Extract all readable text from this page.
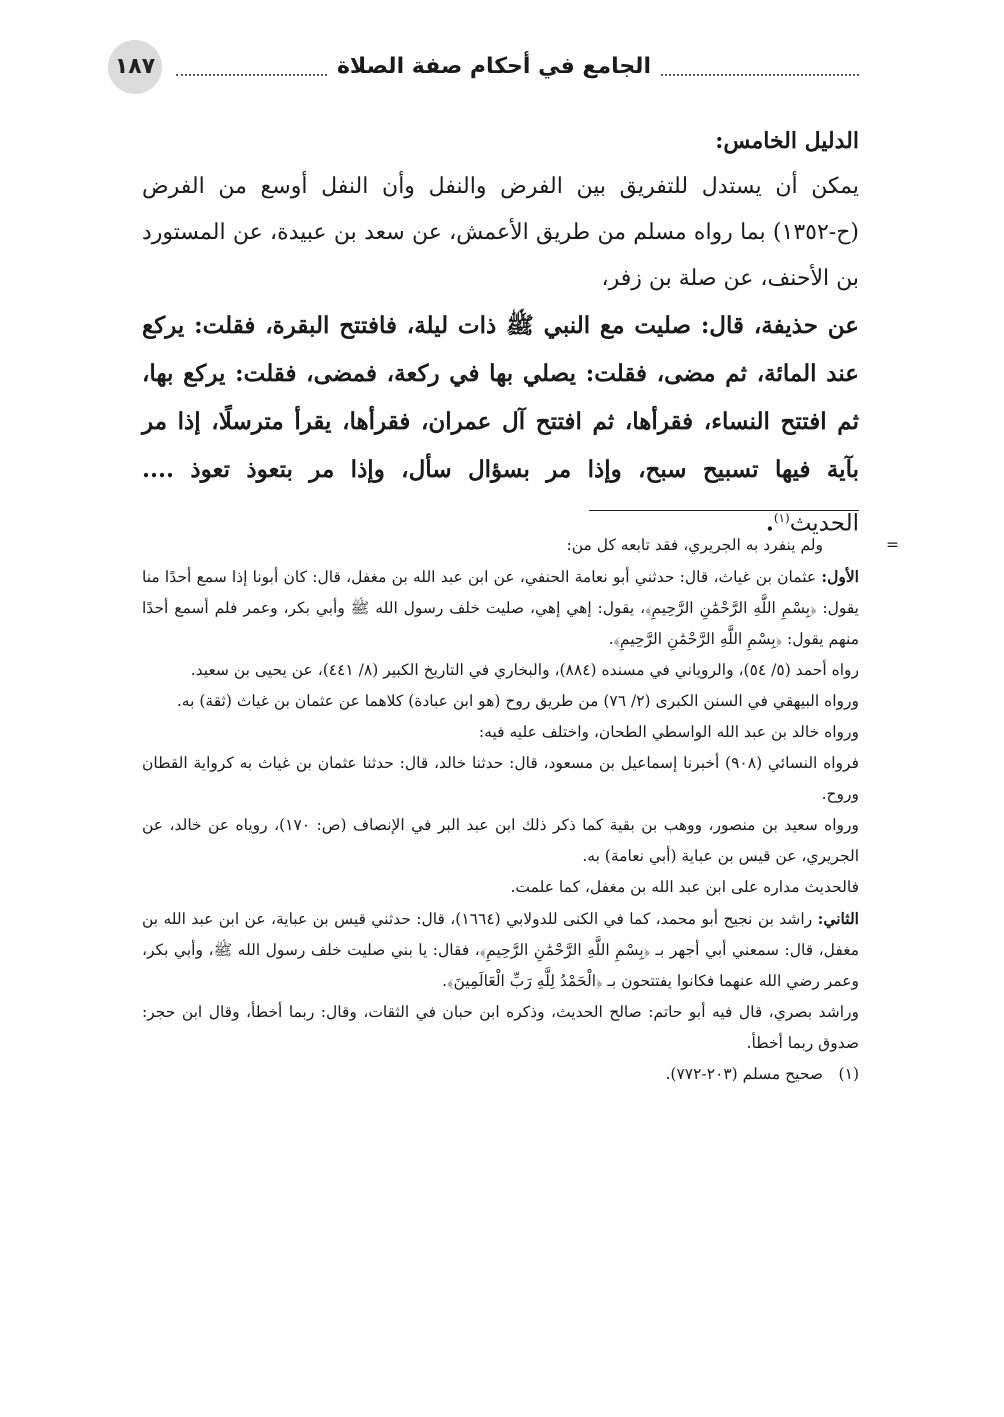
الجامع في أحكام صفة الصلاة
١٨٧

الدليل الخامس:

يمكن أن يستدل للتفريق بين الفرض والنفل وأن النفل أوسع من الفرض (ح-١٣٥٢) بما رواه مسلم من طريق الأعمش، عن سعد بن عبيدة، عن المستورد بن الأحنف، عن صلة بن زفر،

عن حذيفة، قال: صليت مع النبي ﷺ ذات ليلة، فافتتح البقرة، فقلت: يركع عند المائة، ثم مضى، فقلت: يصلي بها في ركعة، فمضى، فقلت: يركع بها، ثم افتتح النساء، فقرأها، ثم افتتح آل عمران، فقرأها، يقرأ مترسلًا، إذا مر بآية فيها تسبيح سبح، وإذا مر بسؤال سأل، وإذا مر بتعوذ تعوذ .... الحديث$^{(١)}$.

=ولم ينفرد به الجريري، فقد تابعه كل من:

الأول: عثمان بن غياث، قال: حدثني أبو نعامة الحنفي، عن ابن عبد الله بن مغفل، قال: كان أبونا إذا سمع أحدًا منا يقول: ﴿بِسْمِ اللَّهِ الرَّحْمَٰنِ الرَّحِيمِ﴾، يقول: إهي إهي، صليت خلف رسول الله ﷺ وأبي بكر، وعمر فلم أسمع أحدًا منهم يقول: ﴿بِسْمِ اللَّهِ الرَّحْمَٰنِ الرَّحِيمِ﴾.

رواه أحمد (٥/ ٥٤)، والروياني في مسنده (٨٨٤)، والبخاري في التاريخ الكبير (٨/ ٤٤١)، عن يحيى بن سعيد.

ورواه البيهقي في السنن الكبرى (٢/ ٧٦) من طريق روح (هو ابن عبادة) كلاهما عن عثمان بن غياث (ثقة) به.

ورواه خالد بن عبد الله الواسطي الطحان، واختلف عليه فيه:

فرواه النسائي (٩٠٨) أخبرنا إسماعيل بن مسعود، قال: حدثنا خالد، قال: حدثنا عثمان بن غياث به كرواية القطان وروح.

ورواه سعيد بن منصور، ووهب بن بقية كما ذكر ذلك ابن عبد البر في الإنصاف (ص: ١٧٠)، روياه عن خالد، عن الجريري، عن قيس بن عباية (أبي نعامة) به.

فالحديث مداره على ابن عبد الله بن مغفل، كما علمت.

الثاني: راشد بن نجيح أبو محمد، كما في الكنى للدولابي (١٦٦٤)، قال: حدثني قيس بن عباية، عن ابن عبد الله بن مغفل، قال: سمعني أبي أجهر بـ ﴿بِسْمِ اللَّهِ الرَّحْمَٰنِ الرَّحِيمِ﴾، فقال: يا بني صليت خلف رسول الله ﷺ، وأبي بكر، وعمر رضي الله عنهما فكانوا يفتتحون بـ ﴿الْحَمْدُ لِلَّهِ رَبِّ الْعَالَمِينَ﴾.

وراشد بصري، قال فيه أبو حاتم: صالح الحديث، وذكره ابن حبان في الثقات، وقال: ربما أخطأ، وقال ابن حجر: صدوق ربما أخطأ.

(١)صحيح مسلم (٢٠٣-٧٧٢).
